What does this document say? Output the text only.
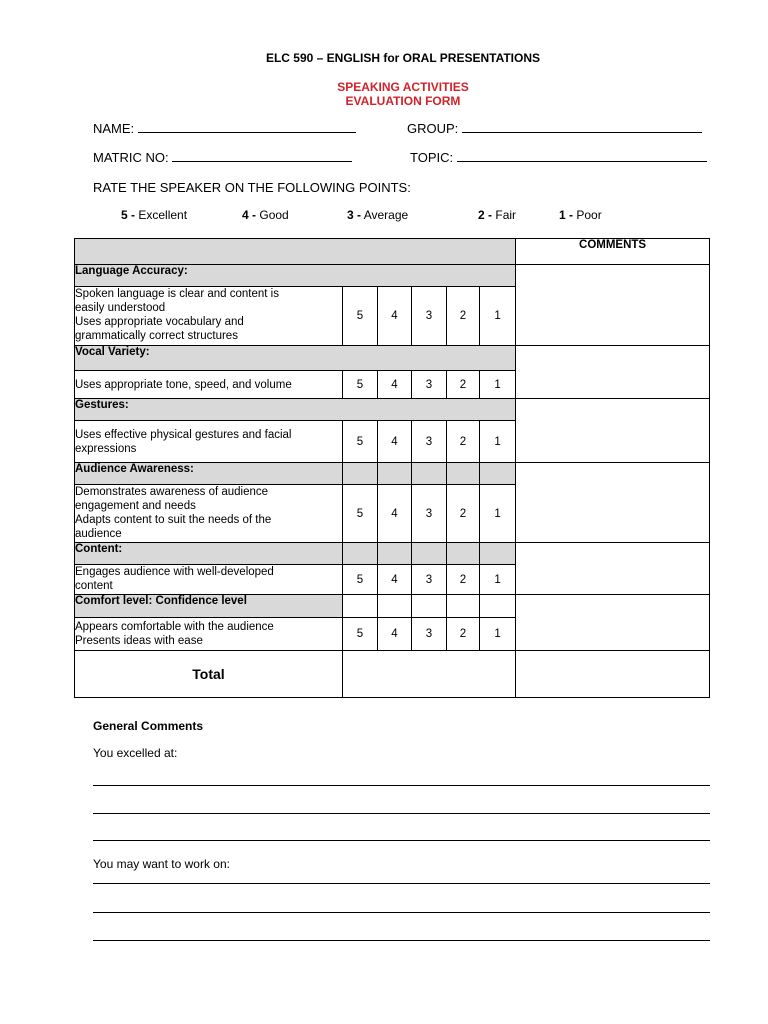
ELC 590 – ENGLISH for ORAL PRESENTATIONS
SPEAKING ACTIVITIES
EVALUATION FORM
NAME:	GROUP:
MATRIC NO:	TOPIC:
RATE THE SPEAKER ON THE FOLLOWING POINTS:
5 - Excellent	4 - Good	3 - Average	2 - Fair	1 - Poor
						COMMENTS
Language Accuracy:						

Spoken language is clear and content is
easily understood
Uses appropriate vocabulary and
grammatically correct structures	5	4	3	2	1	
Vocal Variety:						

Uses appropriate tone, speed, and volume	5	4	3	2	1	
Gestures:						

Uses effective physical gestures and facial
expressions	5	4	3	2	1	
Audience Awareness:						

Demonstrates awareness of audience
engagement and needs
Adapts content to suit the needs of the
audience	5	4	3	2	1	
Content:						

Engages audience with well-developed
content	5	4	3	2	1	
Comfort level: Confidence level						

Appears comfortable with the audience
Presents ideas with ease	5	4	3	2	1	
Total						
General Comments
You excelled at:
You may want to work on:
